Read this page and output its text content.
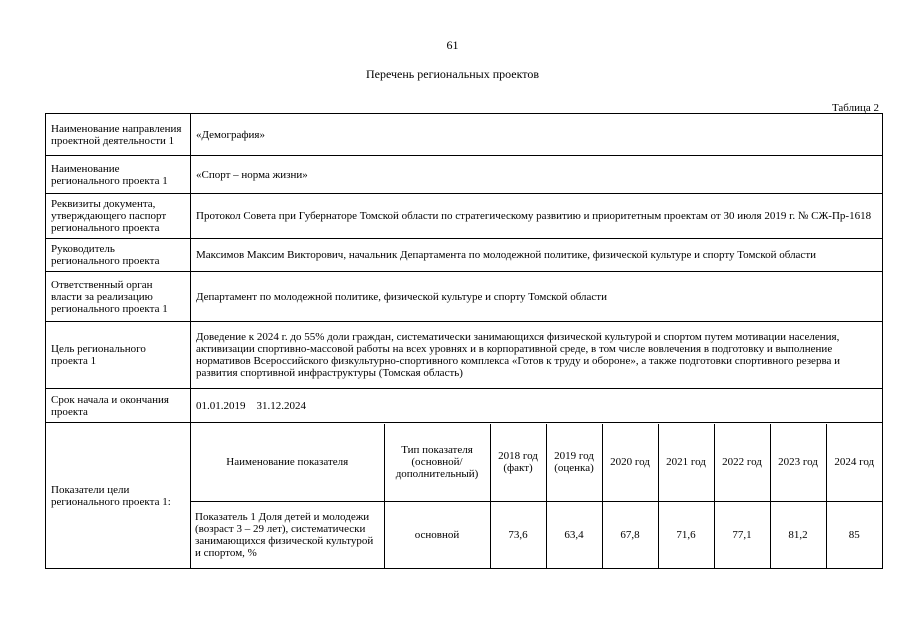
61
Перечень региональных проектов
Таблица 2
Наименование направления проектной деятельности 1	«Демография»
Наименование регионального проекта 1	«Спорт – норма жизни»
Реквизиты документа, утверждающего паспорт регионального проекта	Протокол Совета при Губернаторе Томской области по стратегическому развитию и приоритетным проектам от 30 июля 2019 г. № СЖ-Пр-1618
Руководитель регионального проекта	Максимов Максим Викторович, начальник Департамента по молодежной политике, физической культуре и спорту Томской области
Ответственный орган власти за реализацию регионального проекта 1	Департамент по молодежной политике, физической культуре и спорту Томской области
Цель регионального проекта 1	Доведение к 2024 г. до 55% доли граждан, систематически занимающихся физической культурой и спортом путем мотивации населения, активизации спортивно-массовой работы на всех уровнях и в корпоративной среде, в том числе вовлечения в подготовку и выполнение нормативов Всероссийского физкультурно-спортивного комплекса «Готов к труду и обороне», а также подготовки спортивного резерва и развития спортивной инфраструктуры (Томская область)
Срок начала и окончания проекта	01.01.2019    31.12.2024
Показатели цели регионального проекта 1:	
Наименование показателя	Тип показателя (основной/ дополнительный)	2018 год (факт)	2019 год (оценка)	2020 год	2021 год	2022 год	2023 год	2024 год
Показатель 1 Доля детей и молодежи (возраст 3 – 29 лет), систематически занимающихся физической культурой и спортом, %	основной	73,6	63,4	67,8	71,6	77,1	81,2	85
